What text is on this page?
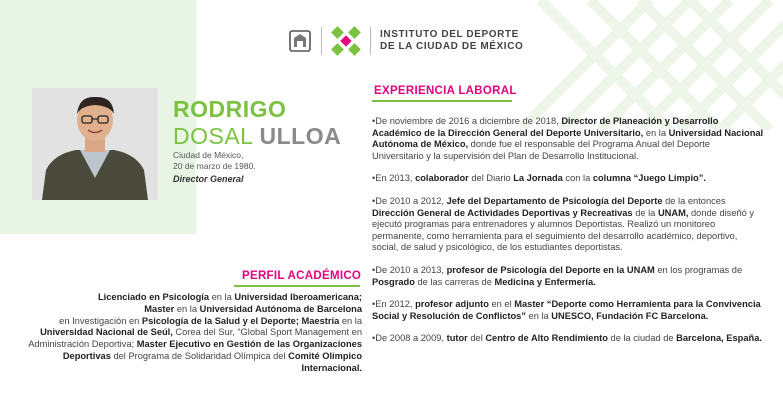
INSTITUTO DEL DEPORTE
DE LA CIUDAD DE MÉXICO
RODRIGO
DOSAL ULLOA
Ciudad de México,
20 de marzo de 1980.
Director General
EXPERIENCIA LABORAL
PERFIL ACADÉMICO
Licenciado en Psicología en la Universidad Iberoamericana;
Master en la Universidad Autónoma de Barcelona
en Investigación en Psicología de la Salud y el Deporte; Maestría en la Universidad Nacional de Seúl, Corea del Sur, “Global Sport Management en Administración Deportiva; Master Ejecutivo en Gestión de las Organizaciones Deportivas del Programa de Solidaridad Olímpica del Comité Olímpico Internacional.

•De noviembre de 2016 a diciembre de 2018, Director de Planeación y Desarrollo Académico de la Dirección General del Deporte Universitario, en la Universidad Nacional Autónoma de México, donde fue el responsable del Programa Anual del Deporte Universitario y la supervisión del Plan de Desarrollo Institucional.

•En 2013, colaborador del Diario La Jornada con la columna “Juego Limpio”.

•De 2010 a 2012, Jefe del Departamento de Psicología del Deporte de la entonces Dirección General de Actividades Deportivas y Recreativas de la UNAM, donde diseñó y ejecutó programas para entrenadores y alumnos Deportistas. Realizó un monitoreo permanente, como herramienta para el seguimiento del desarrollo académico, deportivo, social, de salud y psicológico, de los estudiantes deportistas.

•De 2010 a 2013, profesor de Psicología del Deporte en la UNAM en los programas de Posgrado de las carreras de Medicina y Enfermería.

•En 2012, profesor adjunto en el Master “Deporte como Herramienta para la Convivencia Social y Resolución de Conflictos” en la UNESCO, Fundación FC Barcelona.

•De 2008 a 2009, tutor del Centro de Alto Rendimiento de la ciudad de Barcelona, España.
